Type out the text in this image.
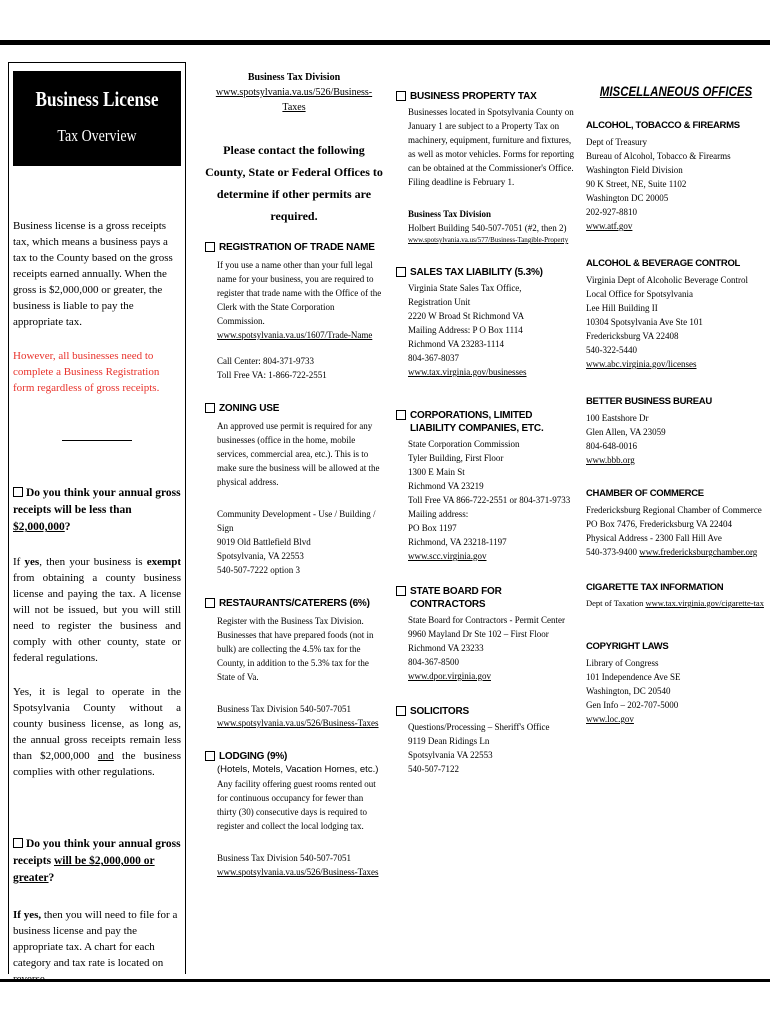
Business License
Tax Overview

Business license is a gross receipts tax, which means a business pays a tax to the County based on the gross receipts earned annually. When the gross is $2,000,000 or greater, the business is liable to pay the appropriate tax.

However, all businesses need to complete a Business Registration form regardless of gross receipts.

Do you think your annual gross receipts will be less than $2,000,000?

If yes, then your business is exempt from obtaining a county business license and paying the tax. A license will not be issued, but you will still need to register the business and comply with other county, state or federal regulations.

Yes, it is legal to operate in the Spotsylvania County without a county business license, as long as, the annual gross receipts remain less than $2,000,000 and the business complies with other regulations.

Do you think your annual gross receipts will be $2,000,000 or greater?

If yes, then you will need to file for a business license and pay the appropriate tax. A chart for each category and tax rate is located on

Business Tax Division

www.spotsylvania.va.us/526/Business-Taxes

Please contact the following County, State or Federal Offices to determine if other permits are required.

REGISTRATION OF TRADE NAME

If you use a name other than your full legal name for your business, you are required to register that trade name with the Office of the Clerk with the State Corporation Commission.

www.spotsylvania.va.us/1607/Trade-Name

Call Center: 804-371-9733

Toll Free VA: 1-866-722-2551

ZONING USE

An approved use permit is required for any businesses (office in the home, mobile services, commercial area, etc.). This is to make sure the business will be allowed at the physical address.

Community Development - Use / Building / Sign

9019 Old Battlefield Blvd

Spotsylvania, VA 22553

540-507-7222 option 3

RESTAURANTS/CATERERS (6%)

Register with the Business Tax Division. Businesses that have prepared foods (not in bulk) are collecting the 4.5% tax for the County, in addition to the 5.3% tax for the State of Va.

Business Tax Division 540-507-7051

www.spotsylvania.va.us/526/Business-Taxes

LODGING (9%)

(Hotels, Motels, Vacation Homes, etc.)

Any facility offering guest rooms rented out for continuous occupancy for fewer than thirty (30) consecutive days is required to register and collect the local lodging tax.

Business Tax Division 540-507-7051

www.spotsylvania.va.us/526/Business-Taxes

BUSINESS PROPERTY TAX

Businesses located in Spotsylvania County on January 1 are subject to a Property Tax on machinery, equipment, furniture and fixtures, as well as motor vehicles. Forms for reporting can be obtained at the Commissioner's Office. Filing deadline is February 1.

Business Tax Division

Holbert Building 540-507-7051 (#2, then 2)

www.spotsylvania.va.us/577/Business-Tangible-Property

SALES TAX LIABILITY (5.3%)

Virginia State Sales Tax Office,

Registration Unit

2220 W Broad St Richmond VA

Mailing Address: P O Box 1114

Richmond VA 23283-1114

804-367-8037

www.tax.virginia.gov/businesses

CORPORATIONS, LIMITED LIABILITY COMPANIES, ETC.

State Corporation Commission

Tyler Building, First Floor

1300 E Main St

Richmond VA 23219

Toll Free VA 866-722-2551 or 804-371-9733

Mailing address:

PO Box 1197

Richmond, VA 23218-1197

www.scc.virginia.gov

STATE BOARD FOR CONTRACTORS

State Board for Contractors - Permit Center

9960 Mayland Dr Ste 102 – First Floor

Richmond VA 23233

804-367-8500

www.dpor.virginia.gov

SOLICITORS

Questions/Processing – Sheriff's Office

9119 Dean Ridings Ln

Spotsylvania VA 22553

540-507-7122

MISCELLANEOUS OFFICES
ALCOHOL, TOBACCO & FIREARMS

Dept of Treasury

Bureau of Alcohol, Tobacco & Firearms

Washington Field Division

90 K Street, NE, Suite 1102

Washington DC 20005

202-927-8810

www.atf.gov

ALCOHOL & BEVERAGE CONTROL

Virginia Dept of Alcoholic Beverage Control

Local Office for Spotsylvania

Lee Hill Building II

10304 Spotsylvania Ave Ste 101

Fredericksburg VA 22408

540-322-5440

www.abc.virginia.gov/licenses

BETTER BUSINESS BUREAU

100 Eastshore Dr

Glen Allen, VA 23059

804-648-0016

www.bbb.org

CHAMBER OF COMMERCE

Fredericksburg Regional Chamber of Commerce

PO Box 7476, Fredericksburg VA 22404

Physical Address - 2300 Fall Hill Ave

540-373-9400 www.fredericksburgchamber.org

CIGARETTE TAX INFORMATION

Dept of Taxation www.tax.virginia.gov/cigarette-tax

COPYRIGHT LAWS

Library of Congress

101 Independence Ave SE

Washington, DC 20540

Gen Info – 202-707-5000

www.loc.gov
